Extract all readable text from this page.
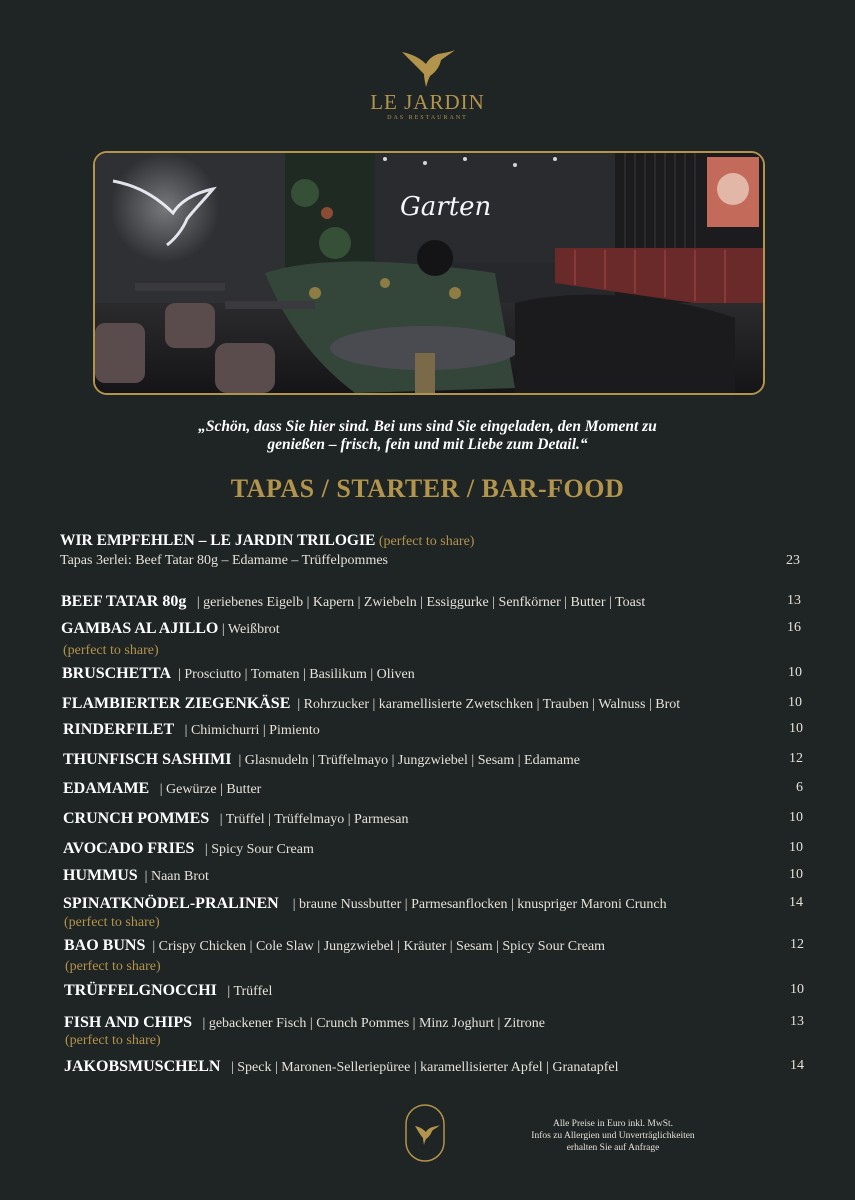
LE JARDIN
DAS RESTAURANT
Garten
„Schön, dass Sie hier sind. Bei uns sind Sie eingeladen, den Moment zu
genießen – frisch, fein und mit Liebe zum Detail.“
TAPAS / STARTER / BAR-FOOD
WIR EMPFEHLEN – LE JARDIN TRILOGIE (perfect to share)
Tapas 3erlei: Beef Tatar 80g – Edamame – Trüffelpommes	23
BEEF TATAR 80g | geriebenes Eigelb | Kapern | Zwiebeln | Essiggurke | Senfkörner | Butter | Toast	13
GAMBAS AL AJILLO | Weißbrot	16
(perfect to share)
BRUSCHETTA | Prosciutto | Tomaten | Basilikum | Oliven	10
FLAMBIERTER ZIEGENKÄSE | Rohrzucker | karamellisierte Zwetschken | Trauben | Walnuss | Brot	10
RINDERFILET | Chimichurri | Pimiento	10
THUNFISCH SASHIMI | Glasnudeln | Trüffelmayo | Jungzwiebel | Sesam | Edamame	12
EDAMAME | Gewürze | Butter	6
CRUNCH POMMES | Trüffel | Trüffelmayo | Parmesan	10
AVOCADO FRIES | Spicy Sour Cream	10
HUMMUS | Naan Brot	10
SPINATKNÖDEL-PRALINEN | braune Nussbutter | Parmesanflocken | knuspriger Maroni Crunch	14
(perfect to share)
BAO BUNS | Crispy Chicken | Cole Slaw | Jungzwiebel | Kräuter | Sesam | Spicy Sour Cream	12
(perfect to share)
TRÜFFELGNOCCHI | Trüffel	10
FISH AND CHIPS | gebackener Fisch | Crunch Pommes | Minz Joghurt | Zitrone	13
(perfect to share)
JAKOBSMUSCHELN | Speck | Maronen-Selleriepüree | karamellisierter Apfel | Granatapfel	14
Alle Preise in Euro inkl. MwSt.
Infos zu Allergien und Unverträglichkeiten
erhalten Sie auf Anfrage
